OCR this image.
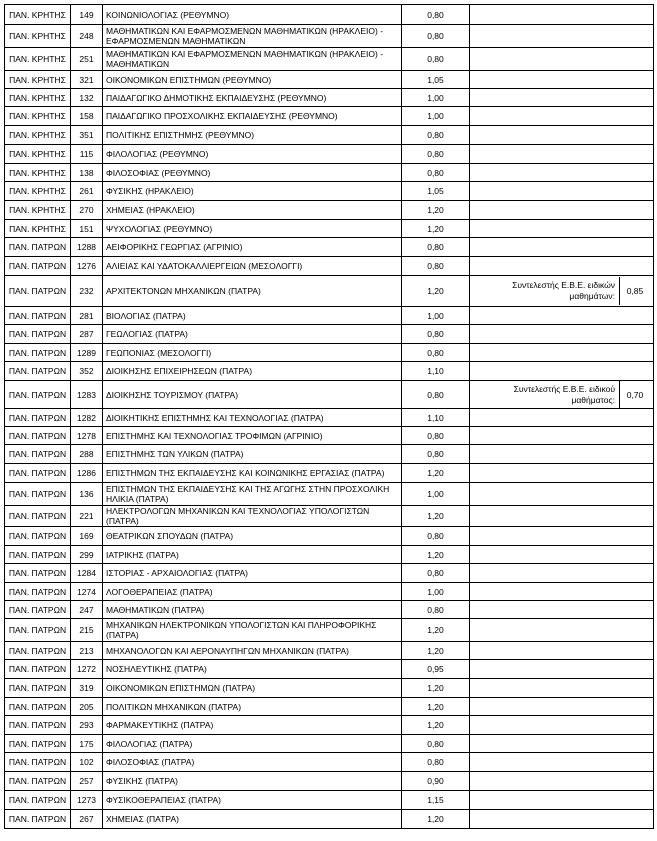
ΠΑΝ. ΚΡΗΤΗΣ	149	ΚΟΙΝΩΝΙΟΛΟΓΙΑΣ (ΡΕΘΥΜΝΟ)	0,80	
ΠΑΝ. ΚΡΗΤΗΣ	248	ΜΑΘΗΜΑΤΙΚΩΝ ΚΑΙ ΕΦΑΡΜΟΣΜΕΝΩΝ ΜΑΘΗΜΑΤΙΚΩΝ (ΗΡΑΚΛΕΙΟ) - ΕΦΑΡΜΟΣΜΕΝΩΝ ΜΑΘΗΜΑΤΙΚΩΝ	0,80	
ΠΑΝ. ΚΡΗΤΗΣ	251	ΜΑΘΗΜΑΤΙΚΩΝ ΚΑΙ ΕΦΑΡΜΟΣΜΕΝΩΝ ΜΑΘΗΜΑΤΙΚΩΝ (ΗΡΑΚΛΕΙΟ) - ΜΑΘΗΜΑΤΙΚΩΝ	0,80	
ΠΑΝ. ΚΡΗΤΗΣ	321	ΟΙΚΟΝΟΜΙΚΩΝ ΕΠΙΣΤΗΜΩΝ (ΡΕΘΥΜΝΟ)	1,05	
ΠΑΝ. ΚΡΗΤΗΣ	132	ΠΑΙΔΑΓΩΓΙΚΟ ΔΗΜΟΤΙΚΗΣ ΕΚΠΑΙΔΕΥΣΗΣ (ΡΕΘΥΜΝΟ)	1,00	
ΠΑΝ. ΚΡΗΤΗΣ	158	ΠΑΙΔΑΓΩΓΙΚΟ ΠΡΟΣΧΟΛΙΚΗΣ ΕΚΠΑΙΔΕΥΣΗΣ (ΡΕΘΥΜΝΟ)	1,00	
ΠΑΝ. ΚΡΗΤΗΣ	351	ΠΟΛΙΤΙΚΗΣ ΕΠΙΣΤΗΜΗΣ (ΡΕΘΥΜΝΟ)	0,80	
ΠΑΝ. ΚΡΗΤΗΣ	115	ΦΙΛΟΛΟΓΙΑΣ (ΡΕΘΥΜΝΟ)	0,80	
ΠΑΝ. ΚΡΗΤΗΣ	138	ΦΙΛΟΣΟΦΙΑΣ (ΡΕΘΥΜΝΟ)	0,80	
ΠΑΝ. ΚΡΗΤΗΣ	261	ΦΥΣΙΚΗΣ (ΗΡΑΚΛΕΙΟ)	1,05	
ΠΑΝ. ΚΡΗΤΗΣ	270	ΧΗΜΕΙΑΣ (ΗΡΑΚΛΕΙΟ)	1,20	
ΠΑΝ. ΚΡΗΤΗΣ	151	ΨΥΧΟΛΟΓΙΑΣ (ΡΕΘΥΜΝΟ)	1,20	
ΠΑΝ. ΠΑΤΡΩΝ	1288	ΑΕΙΦΟΡΙΚΗΣ ΓΕΩΡΓΙΑΣ (ΑΓΡΙΝΙΟ)	0,80	
ΠΑΝ. ΠΑΤΡΩΝ	1276	ΑΛΙΕΙΑΣ ΚΑΙ ΥΔΑΤΟΚΑΛΛΙΕΡΓΕΙΩΝ (ΜΕΣΟΛΟΓΓΙ)	0,80	
ΠΑΝ. ΠΑΤΡΩΝ	232	ΑΡΧΙΤΕΚΤΟΝΩΝ ΜΗΧΑΝΙΚΩΝ (ΠΑΤΡΑ)	1,20	Συντελεστής Ε.Β.Ε. ειδικών μαθημάτων: 0,85

ΠΑΝ. ΠΑΤΡΩΝ	281	ΒΙΟΛΟΓΙΑΣ (ΠΑΤΡΑ)	1,00	
ΠΑΝ. ΠΑΤΡΩΝ	287	ΓΕΩΛΟΓΙΑΣ (ΠΑΤΡΑ)	0,80	
ΠΑΝ. ΠΑΤΡΩΝ	1289	ΓΕΩΠΟΝΙΑΣ (ΜΕΣΟΛΟΓΓΙ)	0,80	
ΠΑΝ. ΠΑΤΡΩΝ	352	ΔΙΟΙΚΗΣΗΣ ΕΠΙΧΕΙΡΗΣΕΩΝ (ΠΑΤΡΑ)	1,10	
ΠΑΝ. ΠΑΤΡΩΝ	1283	ΔΙΟΙΚΗΣΗΣ ΤΟΥΡΙΣΜΟΥ (ΠΑΤΡΑ)	0,80	Συντελεστής Ε.Β.Ε. ειδικού μαθήματος: 0,70

ΠΑΝ. ΠΑΤΡΩΝ	1282	ΔΙΟΙΚΗΤΙΚΗΣ ΕΠΙΣΤΗΜΗΣ ΚΑΙ ΤΕΧΝΟΛΟΓΙΑΣ (ΠΑΤΡΑ)	1,10	
ΠΑΝ. ΠΑΤΡΩΝ	1278	ΕΠΙΣΤΗΜΗΣ ΚΑΙ ΤΕΧΝΟΛΟΓΙΑΣ ΤΡΟΦΙΜΩΝ (ΑΓΡΙΝΙΟ)	0,80	
ΠΑΝ. ΠΑΤΡΩΝ	288	ΕΠΙΣΤΗΜΗΣ ΤΩΝ ΥΛΙΚΩΝ (ΠΑΤΡΑ)	0,80	
ΠΑΝ. ΠΑΤΡΩΝ	1286	ΕΠΙΣΤΗΜΩΝ ΤΗΣ ΕΚΠΑΙΔΕΥΣΗΣ ΚΑΙ ΚΟΙΝΩΝΙΚΗΣ ΕΡΓΑΣΙΑΣ (ΠΑΤΡΑ)	1,20	
ΠΑΝ. ΠΑΤΡΩΝ	136	ΕΠΙΣΤΗΜΩΝ ΤΗΣ ΕΚΠΑΙΔΕΥΣΗΣ ΚΑΙ ΤΗΣ ΑΓΩΓΗΣ ΣΤΗΝ ΠΡΟΣΧΟΛΙΚΗ ΗΛΙΚΙΑ (ΠΑΤΡΑ)	1,00	
ΠΑΝ. ΠΑΤΡΩΝ	221	ΗΛΕΚΤΡΟΛΟΓΩΝ ΜΗΧΑΝΙΚΩΝ ΚΑΙ ΤΕΧΝΟΛΟΓΙΑΣ ΥΠΟΛΟΓΙΣΤΩΝ (ΠΑΤΡΑ)	1,20	
ΠΑΝ. ΠΑΤΡΩΝ	169	ΘΕΑΤΡΙΚΩΝ ΣΠΟΥΔΩΝ (ΠΑΤΡΑ)	0,80	
ΠΑΝ. ΠΑΤΡΩΝ	299	ΙΑΤΡΙΚΗΣ (ΠΑΤΡΑ)	1,20	
ΠΑΝ. ΠΑΤΡΩΝ	1284	ΙΣΤΟΡΙΑΣ - ΑΡΧΑΙΟΛΟΓΙΑΣ (ΠΑΤΡΑ)	0,80	
ΠΑΝ. ΠΑΤΡΩΝ	1274	ΛΟΓΟΘΕΡΑΠΕΙΑΣ (ΠΑΤΡΑ)	1,00	
ΠΑΝ. ΠΑΤΡΩΝ	247	ΜΑΘΗΜΑΤΙΚΩΝ (ΠΑΤΡΑ)	0,80	
ΠΑΝ. ΠΑΤΡΩΝ	215	ΜΗΧΑΝΙΚΩΝ ΗΛΕΚΤΡΟΝΙΚΩΝ ΥΠΟΛΟΓΙΣΤΩΝ ΚΑΙ ΠΛΗΡΟΦΟΡΙΚΗΣ (ΠΑΤΡΑ)	1,20	
ΠΑΝ. ΠΑΤΡΩΝ	213	ΜΗΧΑΝΟΛΟΓΩΝ ΚΑΙ ΑΕΡΟΝΑΥΠΗΓΩΝ ΜΗΧΑΝΙΚΩΝ (ΠΑΤΡΑ)	1,20	
ΠΑΝ. ΠΑΤΡΩΝ	1272	ΝΟΣΗΛΕΥΤΙΚΗΣ (ΠΑΤΡΑ)	0,95	
ΠΑΝ. ΠΑΤΡΩΝ	319	ΟΙΚΟΝΟΜΙΚΩΝ ΕΠΙΣΤΗΜΩΝ (ΠΑΤΡΑ)	1,20	
ΠΑΝ. ΠΑΤΡΩΝ	205	ΠΟΛΙΤΙΚΩΝ ΜΗΧΑΝΙΚΩΝ (ΠΑΤΡΑ)	1,20	
ΠΑΝ. ΠΑΤΡΩΝ	293	ΦΑΡΜΑΚΕΥΤΙΚΗΣ (ΠΑΤΡΑ)	1,20	
ΠΑΝ. ΠΑΤΡΩΝ	175	ΦΙΛΟΛΟΓΙΑΣ (ΠΑΤΡΑ)	0,80	
ΠΑΝ. ΠΑΤΡΩΝ	102	ΦΙΛΟΣΟΦΙΑΣ (ΠΑΤΡΑ)	0,80	
ΠΑΝ. ΠΑΤΡΩΝ	257	ΦΥΣΙΚΗΣ (ΠΑΤΡΑ)	0,90	
ΠΑΝ. ΠΑΤΡΩΝ	1273	ΦΥΣΙΚΟΘΕΡΑΠΕΙΑΣ (ΠΑΤΡΑ)	1,15	
ΠΑΝ. ΠΑΤΡΩΝ	267	ΧΗΜΕΙΑΣ (ΠΑΤΡΑ)	1,20	
